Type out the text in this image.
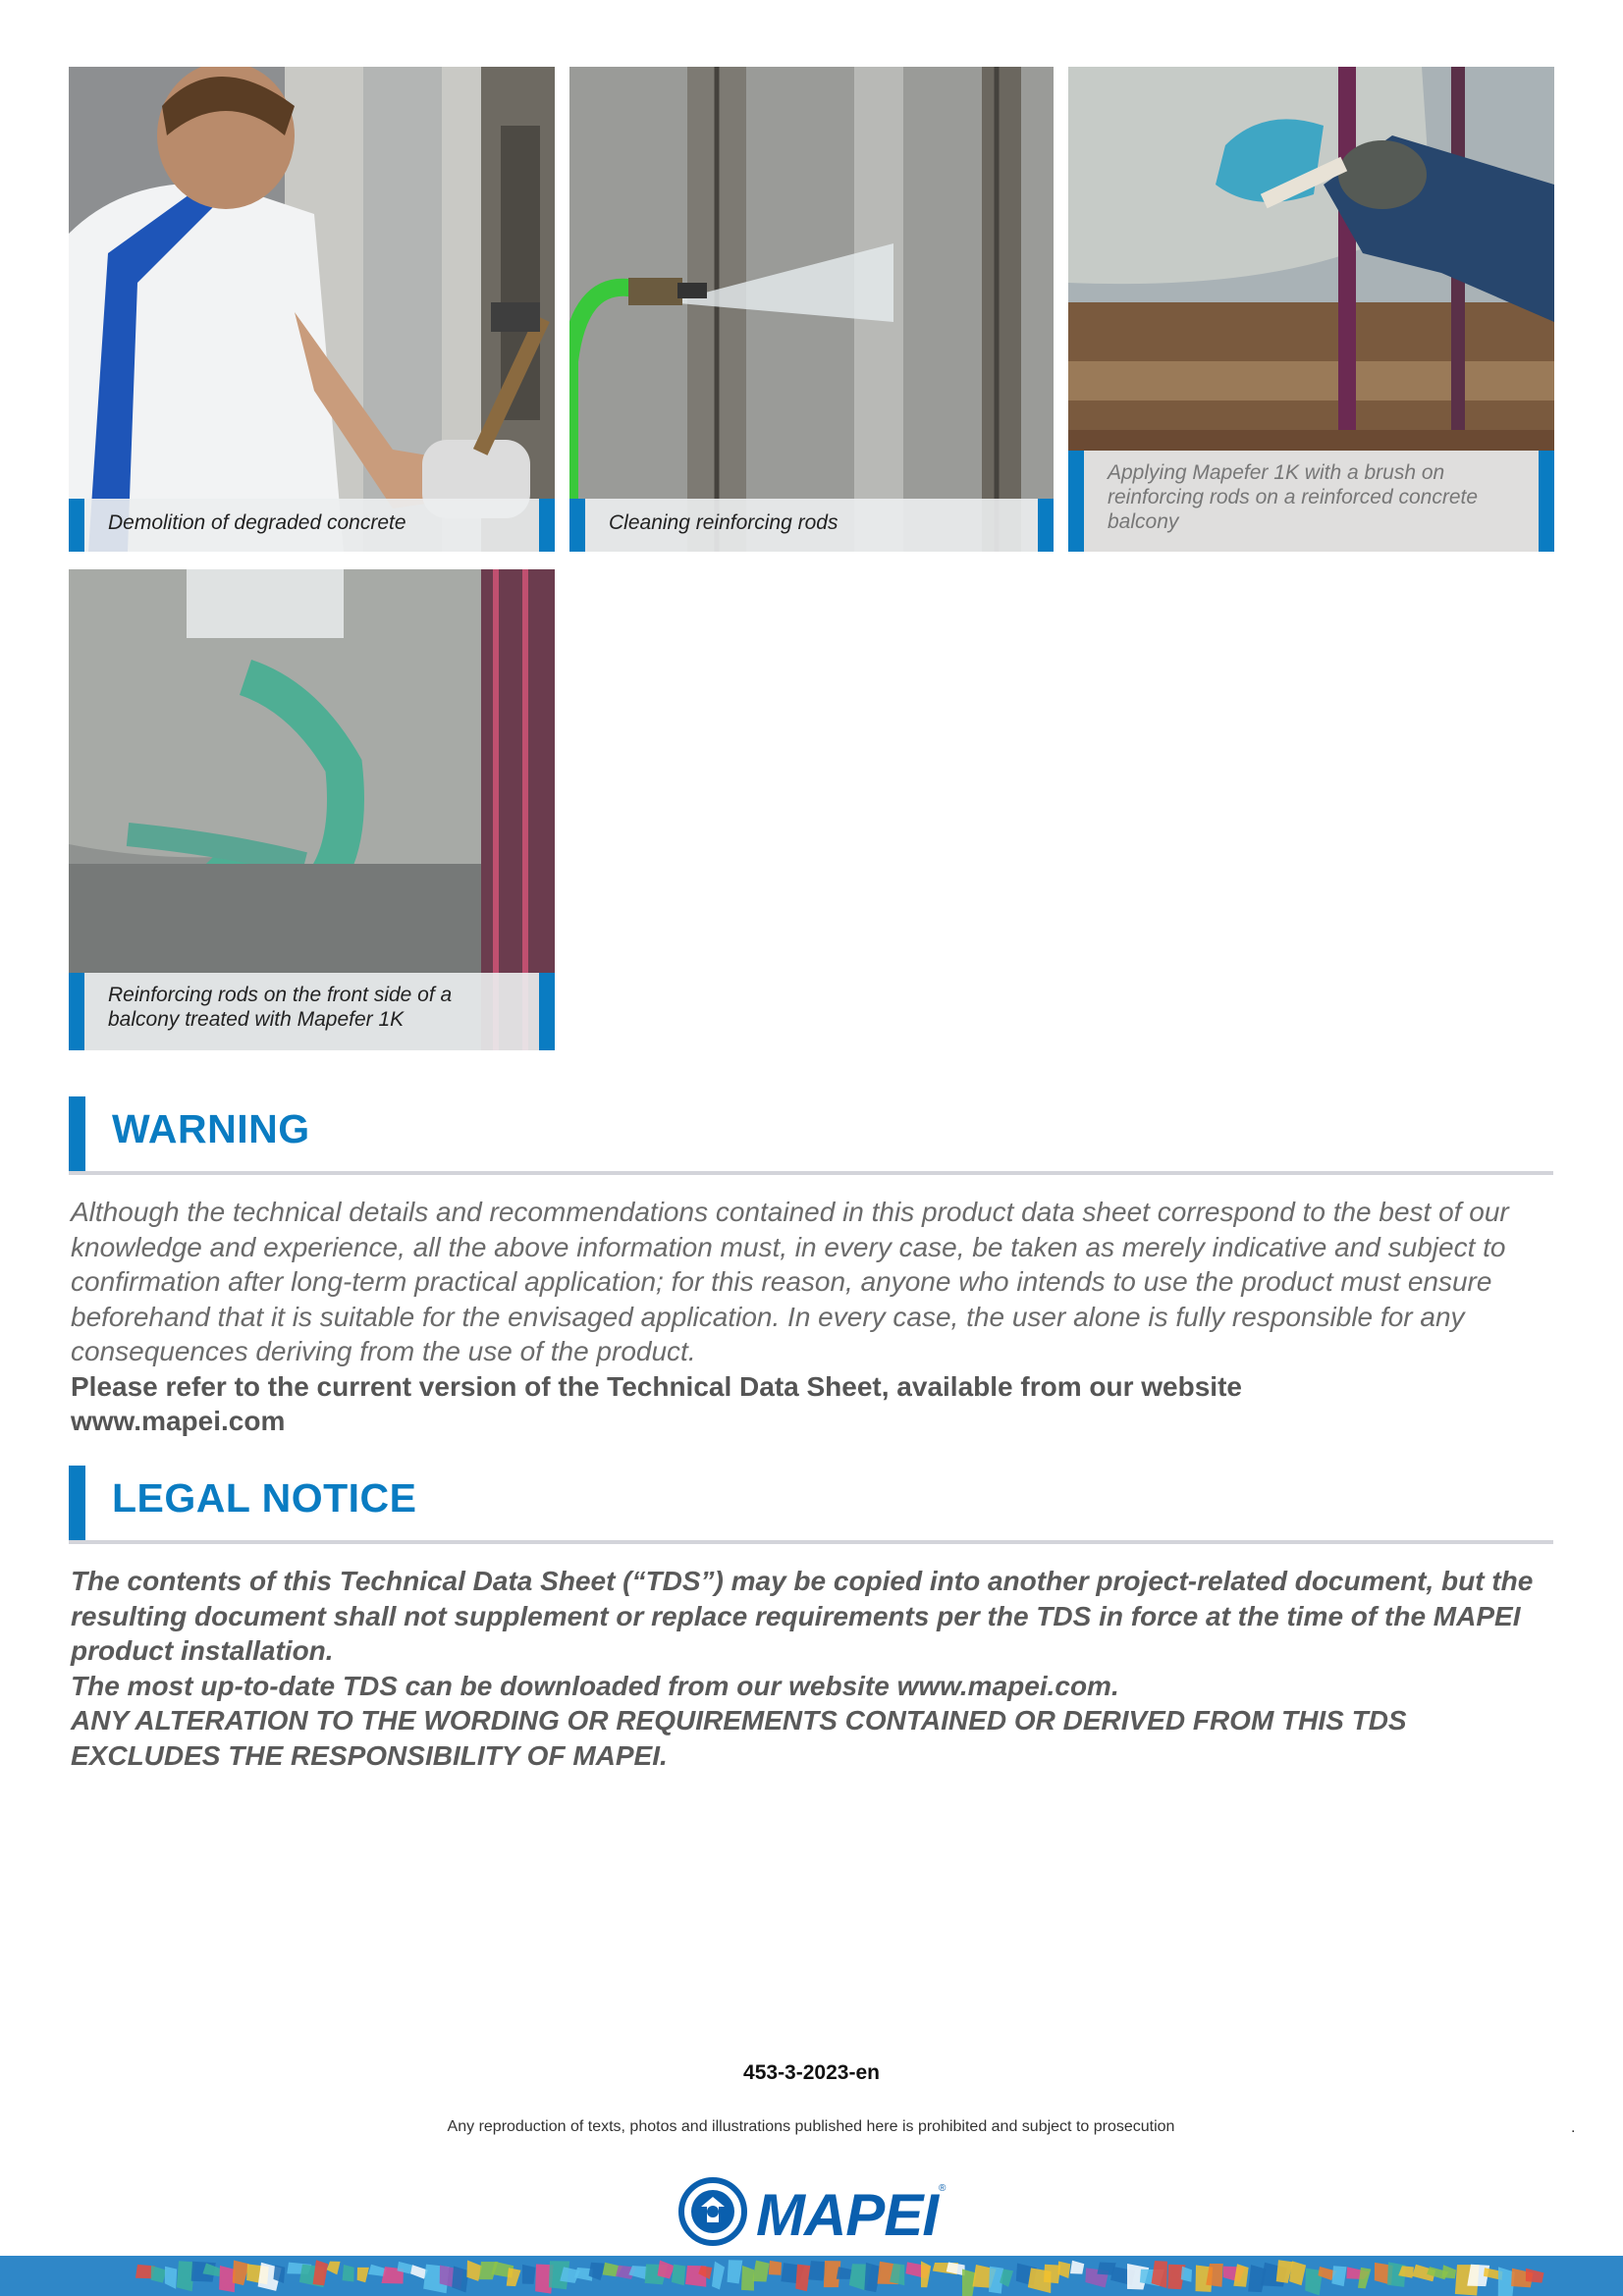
Demolition of degraded concrete	Cleaning reinforcing rods
Applying Mapefer 1K with a brush on reinforcing rods on a reinforced concrete balcony
Reinforcing rods on the front side of a balcony treated with Mapefer 1K
WARNING
Although the technical details and recommendations contained in this product data sheet correspond to the best of our knowledge and experience, all the above information must, in every case, be taken as merely indicative and subject to confirmation after long-term practical application; for this reason, anyone who intends to use the product must ensure beforehand that it is suitable for the envisaged application. In every case, the user alone is fully responsible for any consequences deriving from the use of the product.
Please refer to the current version of the Technical Data Sheet, available from our website www.mapei.com
LEGAL NOTICE
The contents of this Technical Data Sheet (“TDS”) may be copied into another project-related document, but the resulting document shall not supplement or replace requirements per the TDS in force at the time of the MAPEI product installation.
The most up-to-date TDS can be downloaded from our website www.mapei.com.
ANY ALTERATION TO THE WORDING OR REQUIREMENTS CONTAINED OR DERIVED FROM THIS TDS EXCLUDES THE RESPONSIBILITY OF MAPEI.
453-3-2023-en
Any reproduction of texts, photos and illustrations published here is prohibited and subject to prosecution	.
MAPEI ®
